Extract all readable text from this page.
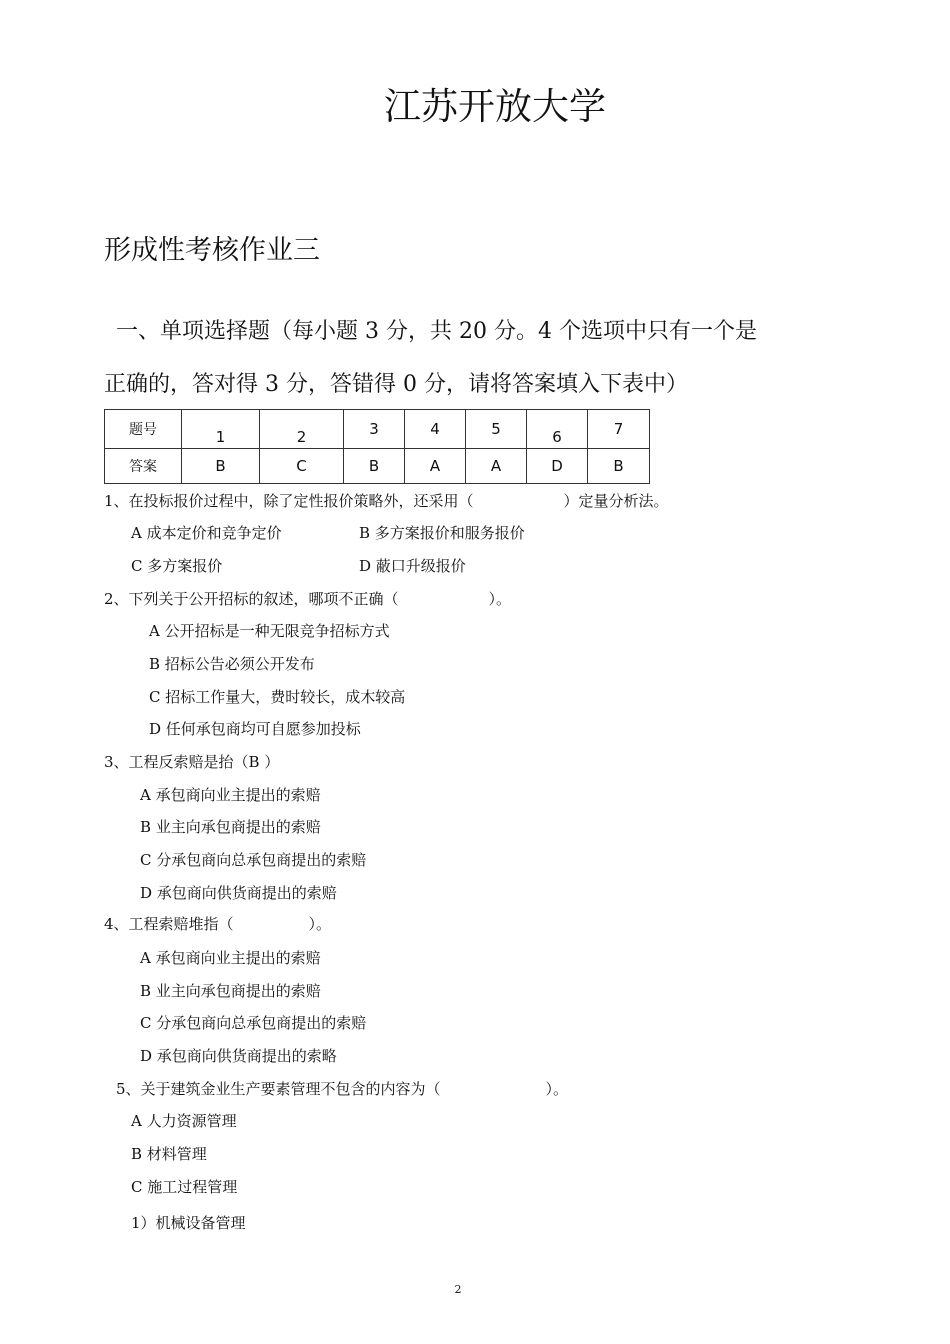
江苏开放大学
形成性考核作业三
一、单项选择题（每小题 3 分，共 20 分。4 个选项中只有一个是
正确的，答对得 3 分，答错得 0 分，请将答案填入下表中）
题号	1	2	3	4	5	6	7
答案	B	C	B	A	A	D	B
1、在投标报价过程中，除了定性报价策略外，还采用（　　　　　　）定量分析法。
A 成本定价和竞争定价	B 多方案报价和服务报价
C 多方案报价	D 蔽口升级报价
2、下列关于公开招标的叙述，哪项不正确（　　　　　　）。
A 公开招标是一种无限竞争招标方式
B 招标公告必须公开发布
C 招标工作量大，费时较长，成木较高
D 任何承包商均可自愿参加投标
3、工程反索赔是抬（B ）
A 承包商向业主提出的索赔
B 业主向承包商提出的索赔
C 分承包商向总承包商提出的索赔
D 承包商向供货商提出的索赔
4、工程索赔堆指（　　　　　）。
A 承包商向业主提出的索赔
B 业主向承包商提出的索赔
C 分承包商向总承包商提出的索赔
D 承包商向供货商提出的索略
5、关于建筑金业生产要素管理不包含的内容为（　　　　　　　）。
A 人力资源管理
B 材料管理
C 施工过程管理
1）机械设备管理
2
